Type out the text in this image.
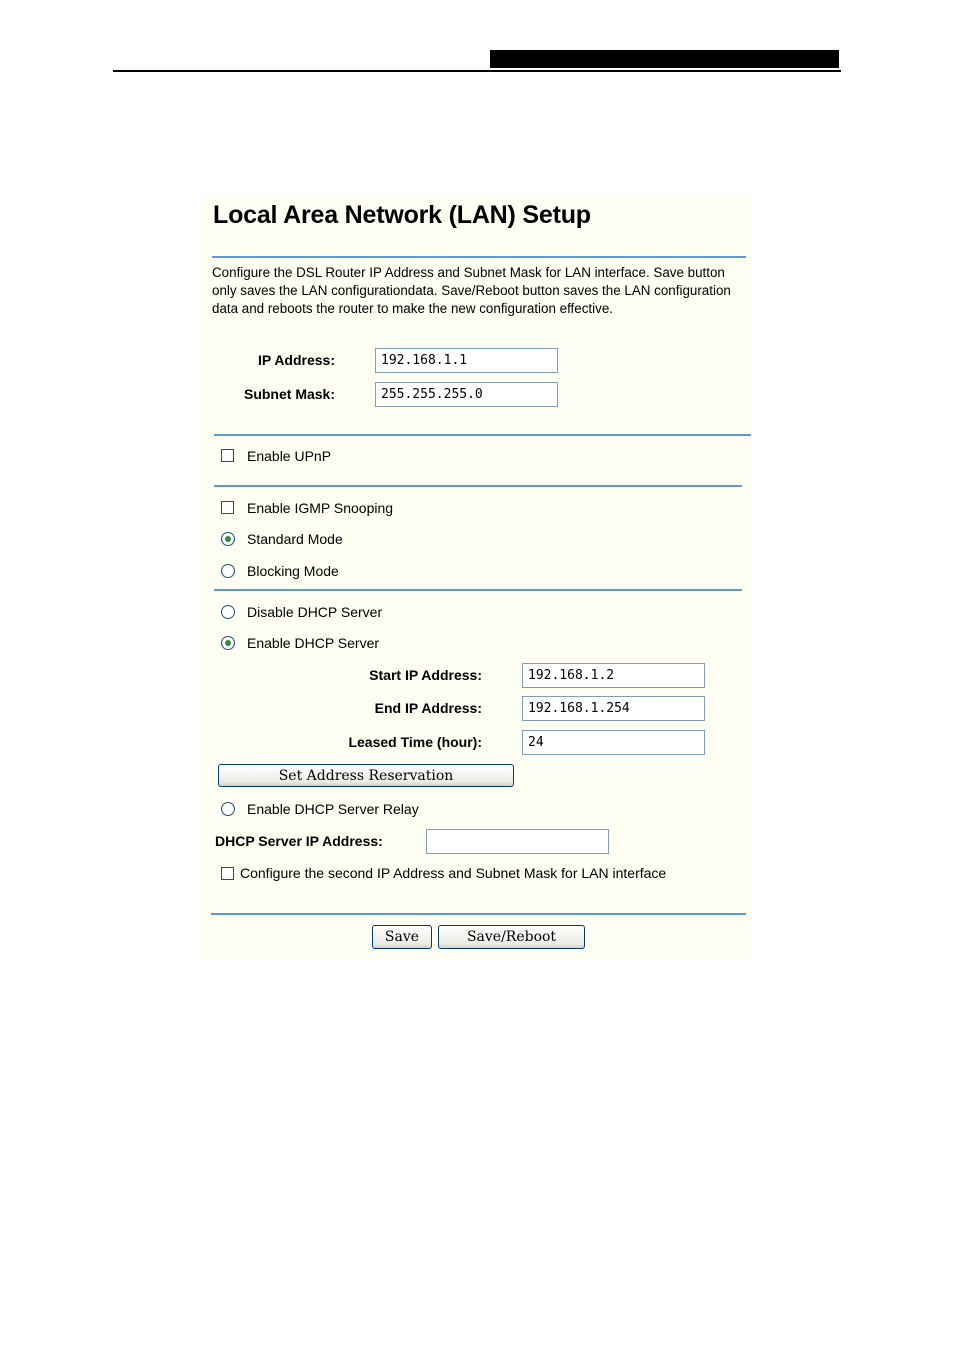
Local Area Network (LAN) Setup
Configure the DSL Router IP Address and Subnet Mask for LAN interface. Save button only saves the LAN configurationdata. Save/Reboot button saves the LAN configuration data and reboots the router to make the new configuration effective.
IP Address:
192.168.1.1
Subnet Mask:
255.255.255.0
Enable UPnP
Enable IGMP Snooping
Standard Mode
Blocking Mode
Disable DHCP Server
Enable DHCP Server
Start IP Address:
192.168.1.2
End IP Address:
192.168.1.254
Leased Time (hour):
24
Set Address Reservation
Enable DHCP Server Relay
DHCP Server IP Address:
Configure the second IP Address and Subnet Mask for LAN interface
Save	Save/Reboot
